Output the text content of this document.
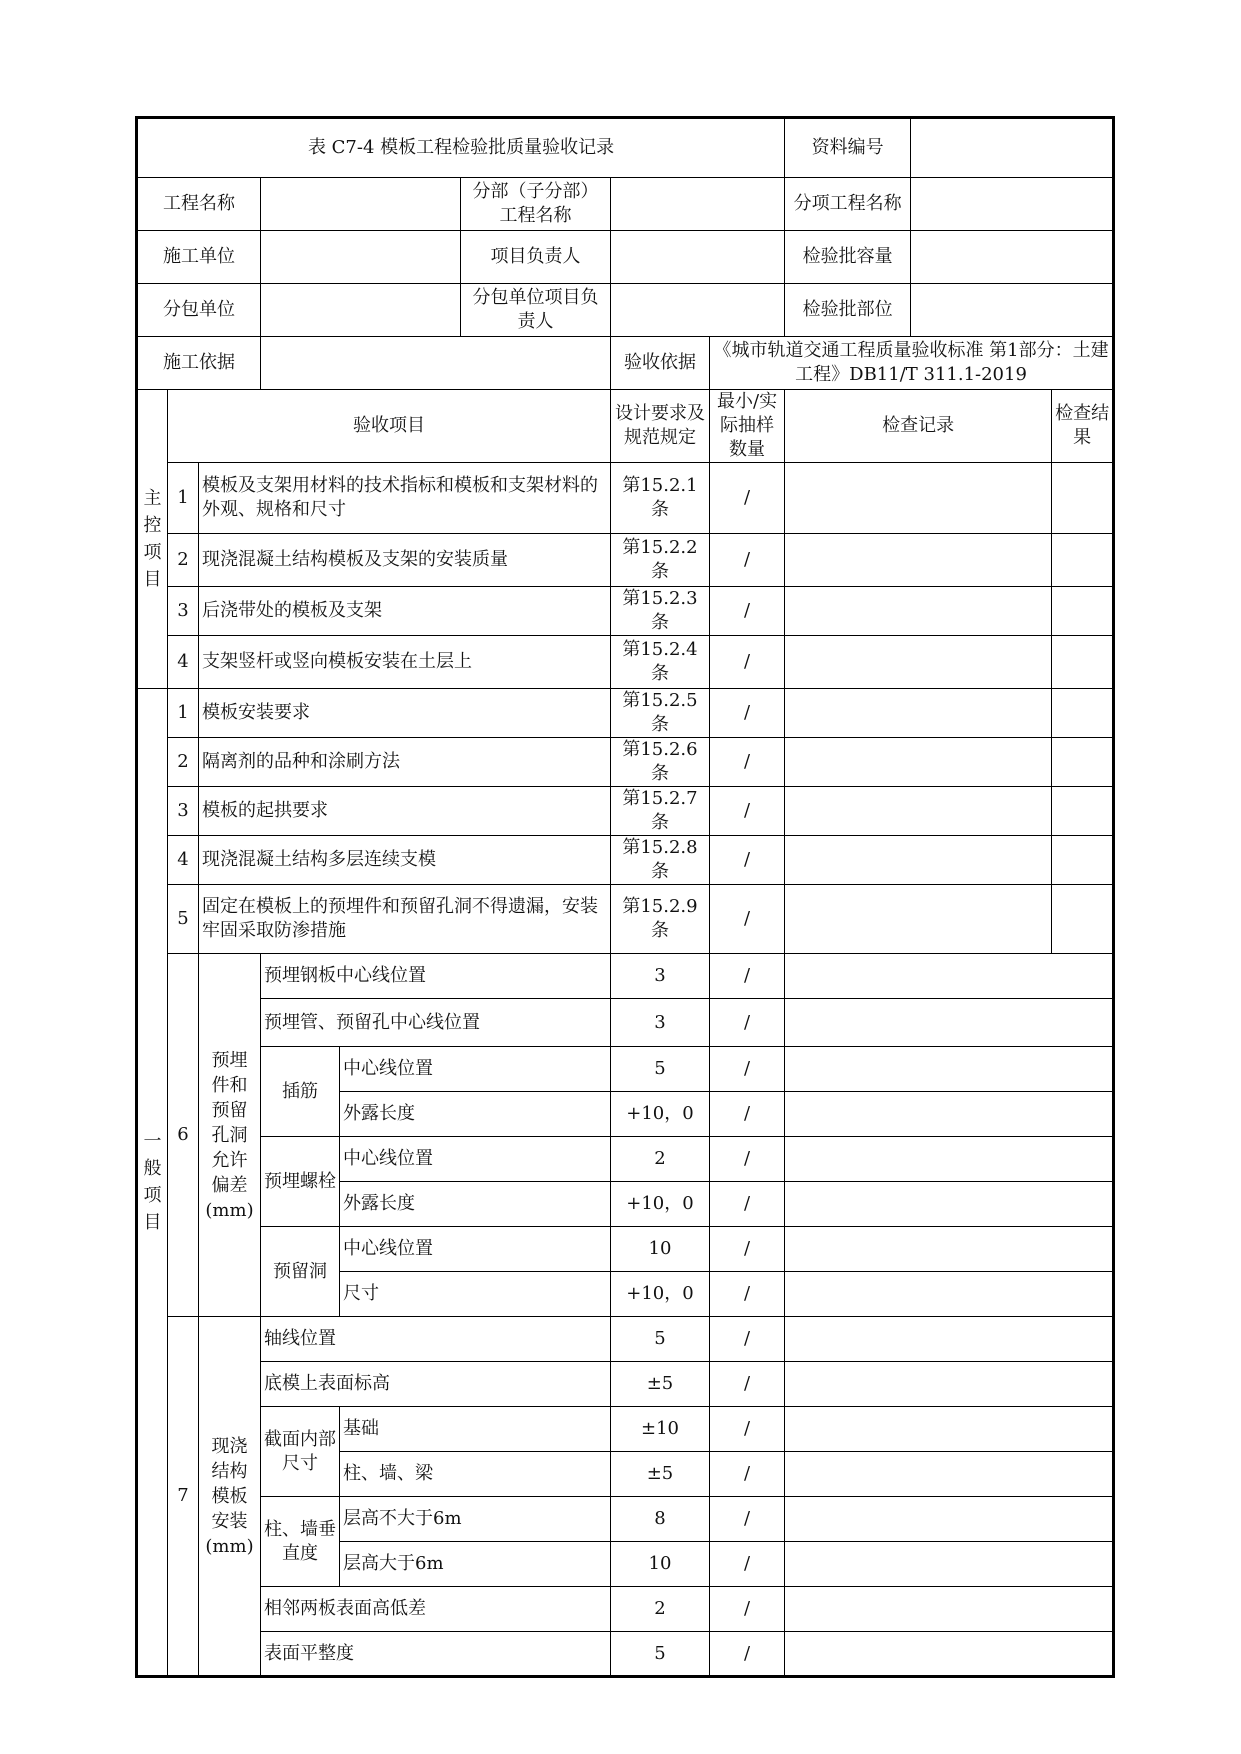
表 C7-4 模板工程检验批质量验收记录								资料编号		
工程名称					分部（子分部）工程名称			分项工程名称		
施工单位					项目负责人			检验批容量		
分包单位					分包单位项目负责人			检验批部位		
施工依据						验收依据	《城市轨道交通工程质量验收标准 第1部分：土建工程》DB11/T 311.1-2019			
主控项目	验收项目					设计要求及规范规定	最小/实际抽样数量	检查记录		检查结果
	1	模板及支架用材料的技术指标和模板和支架材料的外观、规格和尺寸				第15.2.1条	/			
	2	现浇混凝土结构模板及支架的安装质量				第15.2.2条	/			
	3	后浇带处的模板及支架				第15.2.3条	/			
	4	支架竖杆或竖向模板安装在土层上				第15.2.4条	/			
一般项目	1	模板安装要求				第15.2.5条	/			
	2	隔离剂的品种和涂刷方法				第15.2.6条	/			
	3	模板的起拱要求				第15.2.7条	/			
	4	现浇混凝土结构多层连续支模				第15.2.8条	/			
	5	固定在模板上的预埋件和预留孔洞不得遗漏，安装牢固采取防渗措施				第15.2.9条	/			
	6	预埋件和预留孔洞允许偏差(mm)	预埋钢板中心线位置			3	/			
			预埋管、预留孔中心线位置			3	/			
			插筋	中心线位置		5	/			
				外露长度		+10，0	/			
			预埋螺栓	中心线位置		2	/			
				外露长度		+10，0	/			
			预留洞	中心线位置		10	/			
				尺寸		+10，0	/			
	7	现浇结构模板安装(mm)	轴线位置			5	/			
			底模上表面标高			±5	/			
			截面内部尺寸	基础		±10	/			
				柱、墙、梁		±5	/			
			柱、墙垂直度	层高不大于6m		8	/			
				层高大于6m		10	/			
			相邻两板表面高低差			2	/			
			表面平整度			5	/			
